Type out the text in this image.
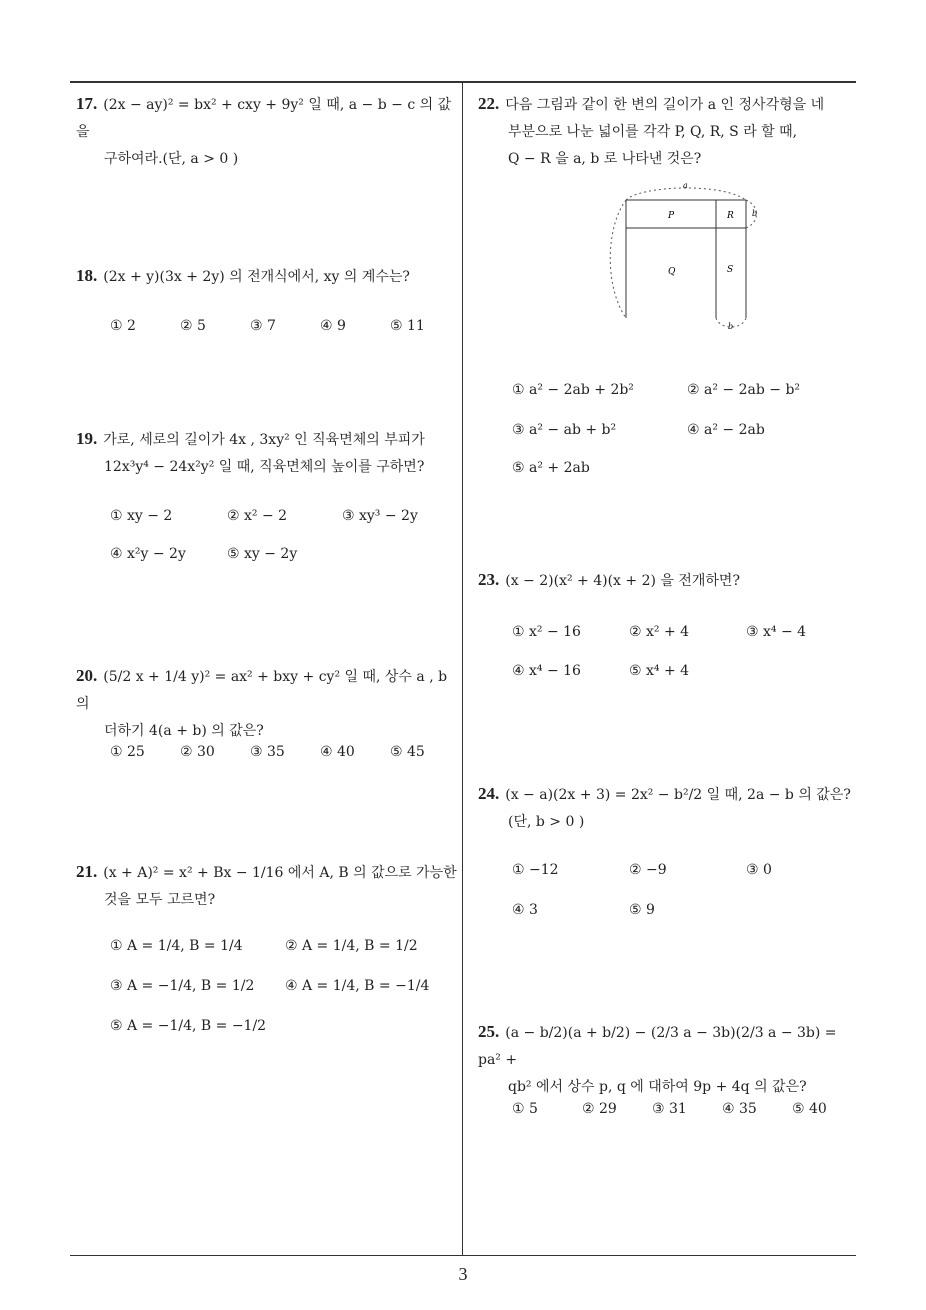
17. (2x − ay)² = bx² + cxy + 9y² 일 때, a − b − c 의 값을
구하여라.(단, a > 0 )
18. (2x + y)(3x + 2y) 의 전개식에서, xy 의 계수는?
① 2	② 5	③ 7	④ 9	⑤ 11
19. 가로, 세로의 길이가 4x , 3xy² 인 직육면체의 부피가
12x³y⁴ − 24x²y² 일 때, 직육면체의 높이를 구하면?
① xy − 2	② x² − 2	③ xy³ − 2y
④ x²y − 2y	⑤ xy − 2y
20. (5/2 x + 1/4 y)² = ax² + bxy + cy² 일 때, 상수 a , b 의
더하기 4(a + b) 의 값은?
① 25	② 30	③ 35	④ 40	⑤ 45
21. (x + A)² = x² + Bx − 1/16 에서 A, B 의 값으로 가능한
것을 모두 고르면?
① A = 1/4, B = 1/4	② A = 1/4, B = 1/2
③ A = −1/4, B = 1/2 ④ A = 1/4, B = −1/4
⑤ A = −1/4, B = −1/2
22. 다음 그림과 같이 한 변의 길이가 a 인 정사각형을 네
부분으로 나눈 넓이를 각각 P, Q, R, S 라 할 때,
Q − R 을 a, b 로 나타낸 것은?
a
b
P	R
Q	S
b
① a² − 2ab + 2b²	② a² − 2ab − b²
③ a² − ab + b²	④ a² − 2ab
⑤ a² + 2ab
23. (x − 2)(x² + 4)(x + 2) 을 전개하면?
① x² − 16	② x² + 4	③ x⁴ − 4
④ x⁴ − 16	⑤ x⁴ + 4
24. (x − a)(2x + 3) = 2x² − b²/2 일 때, 2a − b 의 값은?
(단, b > 0 )
① −12	② −9	③ 0
④ 3	⑤ 9
25. (a − b/2)(a + b/2) − (2/3 a − 3b)(2/3 a − 3b) = pa² +
qb² 에서 상수 p, q 에 대하여 9p + 4q 의 값은?
① 5	② 29	③ 31	④ 35	⑤ 40
3
